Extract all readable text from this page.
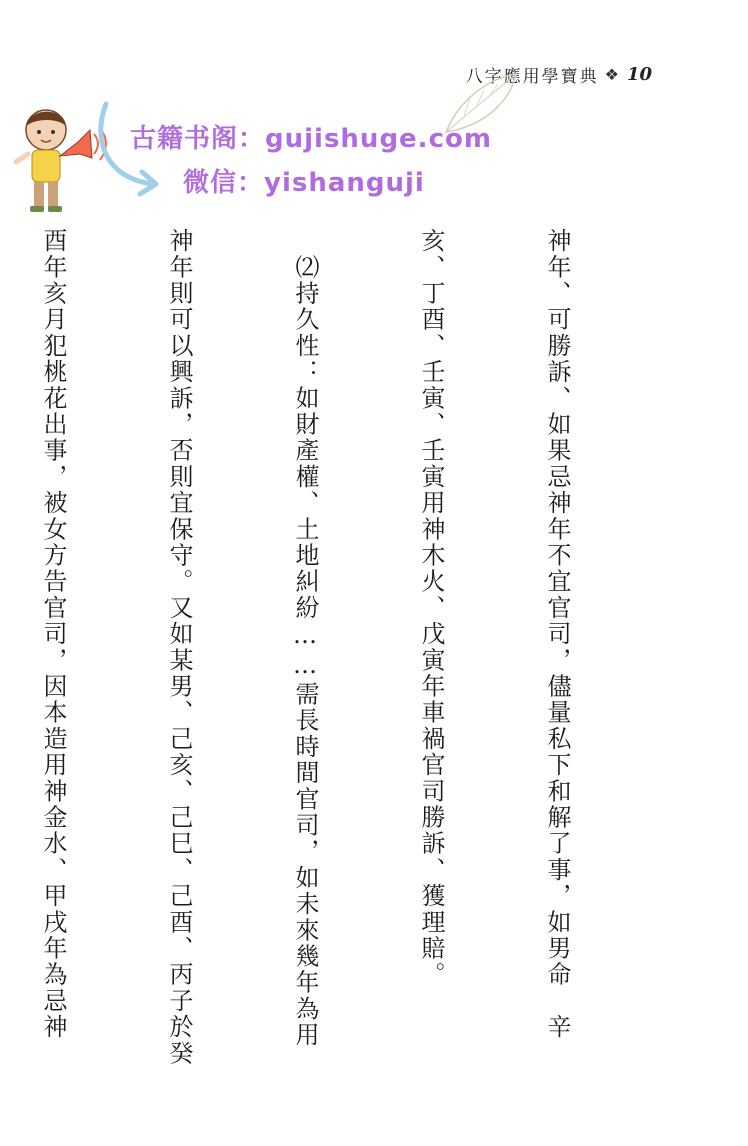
八字應用學寶典 ❖ 10
古籍书阁：gujishuge.com
微信：yishanguji

神年、可勝訴、如果忌神年不宜官司，儘量私下和解了事，如男命　辛

亥、丁酉、壬寅、壬寅用神木火、戊寅年車禍官司勝訴、獲理賠。

　⑵持久性：如財產權、土地糾紛……需長時間官司，如未來幾年為用

神年則可以興訴，否則宜保守。又如某男、己亥、己巳、己酉、丙子於癸

酉年亥月犯桃花出事，被女方告官司，因本造用神金水、甲戌年為忌神
